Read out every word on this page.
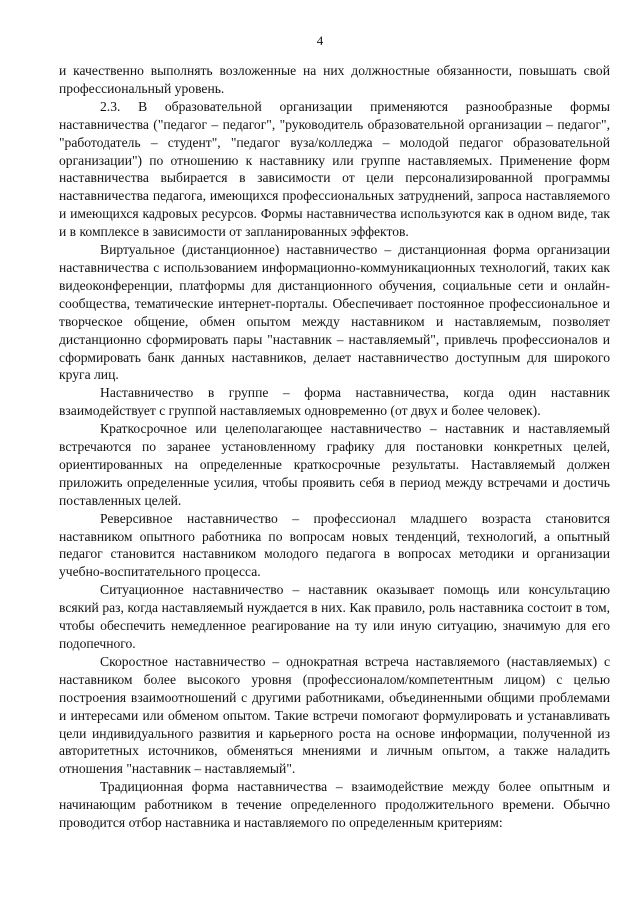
4

и качественно выполнять возложенные на них должностные обязанности, повышать свой профессиональный уровень.

2.3. В образовательной организации применяются разнообразные формы наставничества ("педагог – педагог", "руководитель образовательной организации – педагог", "работодатель – студент", "педагог вуза/колледжа – молодой педагог образовательной организации") по отношению к наставнику или группе наставляемых. Применение форм наставничества выбирается в зависимости от цели персонализированной программы наставничества педагога, имеющихся профессиональных затруднений, запроса наставляемого и имеющихся кадровых ресурсов. Формы наставничества используются как в одном виде, так и в комплексе в зависимости от запланированных эффектов.

Виртуальное (дистанционное) наставничество – дистанционная форма организации наставничества с использованием информационно-коммуникационных технологий, таких как видеоконференции, платформы для дистанционного обучения, социальные сети и онлайн-сообщества, тематические интернет-порталы. Обеспечивает постоянное профессиональное и творческое общение, обмен опытом между наставником и наставляемым, позволяет дистанционно сформировать пары "наставник – наставляемый", привлечь профессионалов и сформировать банк данных наставников, делает наставничество доступным для широкого круга лиц.

Наставничество в группе – форма наставничества, когда один наставник взаимодействует с группой наставляемых одновременно (от двух и более человек).

Краткосрочное или целеполагающее наставничество – наставник и наставляемый встречаются по заранее установленному графику для постановки конкретных целей, ориентированных на определенные краткосрочные результаты. Наставляемый должен приложить определенные усилия, чтобы проявить себя в период между встречами и достичь поставленных целей.

Реверсивное наставничество – профессионал младшего возраста становится наставником опытного работника по вопросам новых тенденций, технологий, а опытный педагог становится наставником молодого педагога в вопросах методики и организации учебно-воспитательного процесса.

Ситуационное наставничество – наставник оказывает помощь или консультацию всякий раз, когда наставляемый нуждается в них. Как правило, роль наставника состоит в том, чтобы обеспечить немедленное реагирование на ту или иную ситуацию, значимую для его подопечного.

Скоростное наставничество – однократная встреча наставляемого (наставляемых) с наставником более высокого уровня (профессионалом/компетентным лицом) с целью построения взаимоотношений с другими работниками, объединенными общими проблемами и интересами или обменом опытом. Такие встречи помогают формулировать и устанавливать цели индивидуального развития и карьерного роста на основе информации, полученной из авторитетных источников, обменяться мнениями и личным опытом, а также наладить отношения "наставник – наставляемый".

Традиционная форма наставничества – взаимодействие между более опытным и начинающим работником в течение определенного продолжительного времени. Обычно проводится отбор наставника и наставляемого по определенным критериям:
